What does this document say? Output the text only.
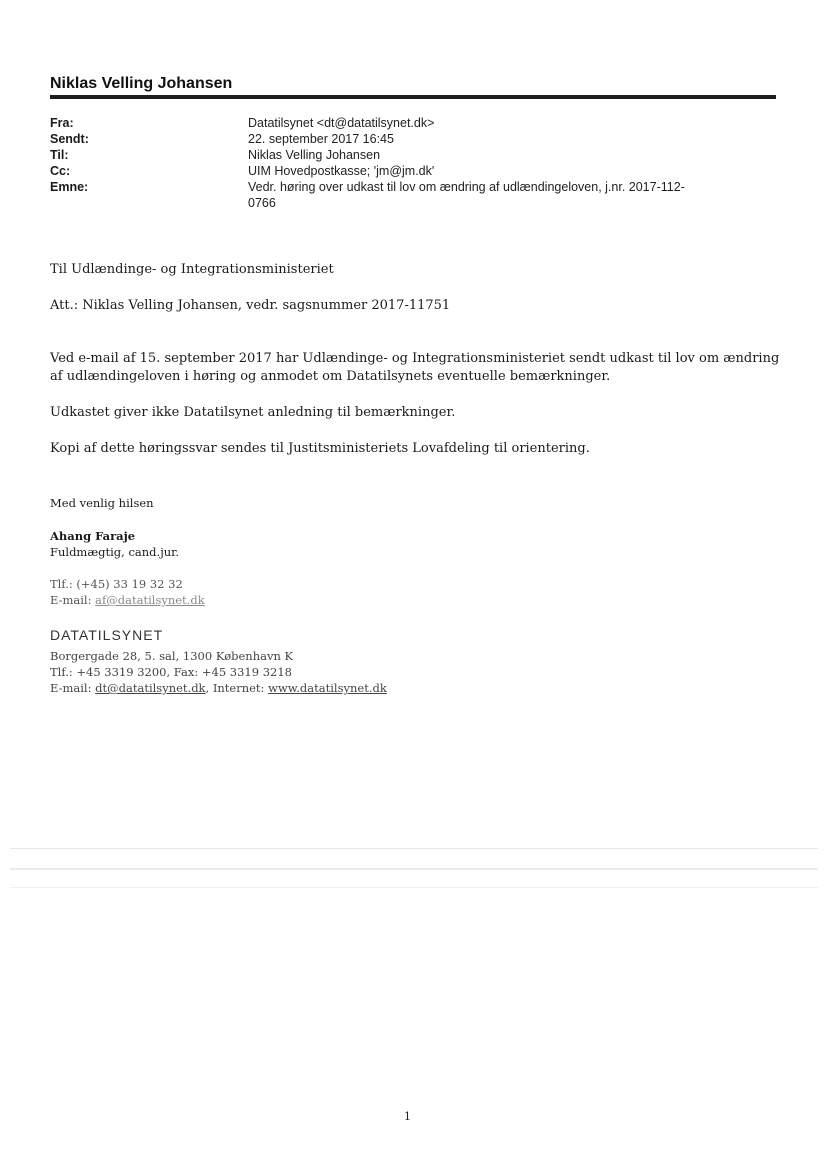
Niklas Velling Johansen
Fra:	Datatilsynet <dt@datatilsynet.dk>
Sendt:	22. september 2017 16:45
Til:	Niklas Velling Johansen
Cc:	UIM Hovedpostkasse; 'jm@jm.dk'
Emne:	Vedr. høring over udkast til lov om ændring af udlændingeloven, j.nr. 2017-112-0766
Til Udlændinge- og Integrationsministeriet
Att.: Niklas Velling Johansen, vedr. sagsnummer 2017-11751
Ved e-mail af 15. september 2017 har Udlændinge- og Integrationsministeriet sendt udkast til lov om ændring af udlændingeloven i høring og anmodet om Datatilsynets eventuelle bemærkninger.
Udkastet giver ikke Datatilsynet anledning til bemærkninger.
Kopi af dette høringssvar sendes til Justitsministeriets Lovafdeling til orientering.
Med venlig hilsen
Ahang Faraje
Fuldmægtig, cand.jur.
Tlf.: (+45) 33 19 32 32
E-mail: af@datatilsynet.dk
DATATILSYNET
Borgergade 28, 5. sal, 1300 København K
Tlf.: +45 3319 3200, Fax: +45 3319 3218
E-mail: dt@datatilsynet.dk, Internet: www.datatilsynet.dk
1
